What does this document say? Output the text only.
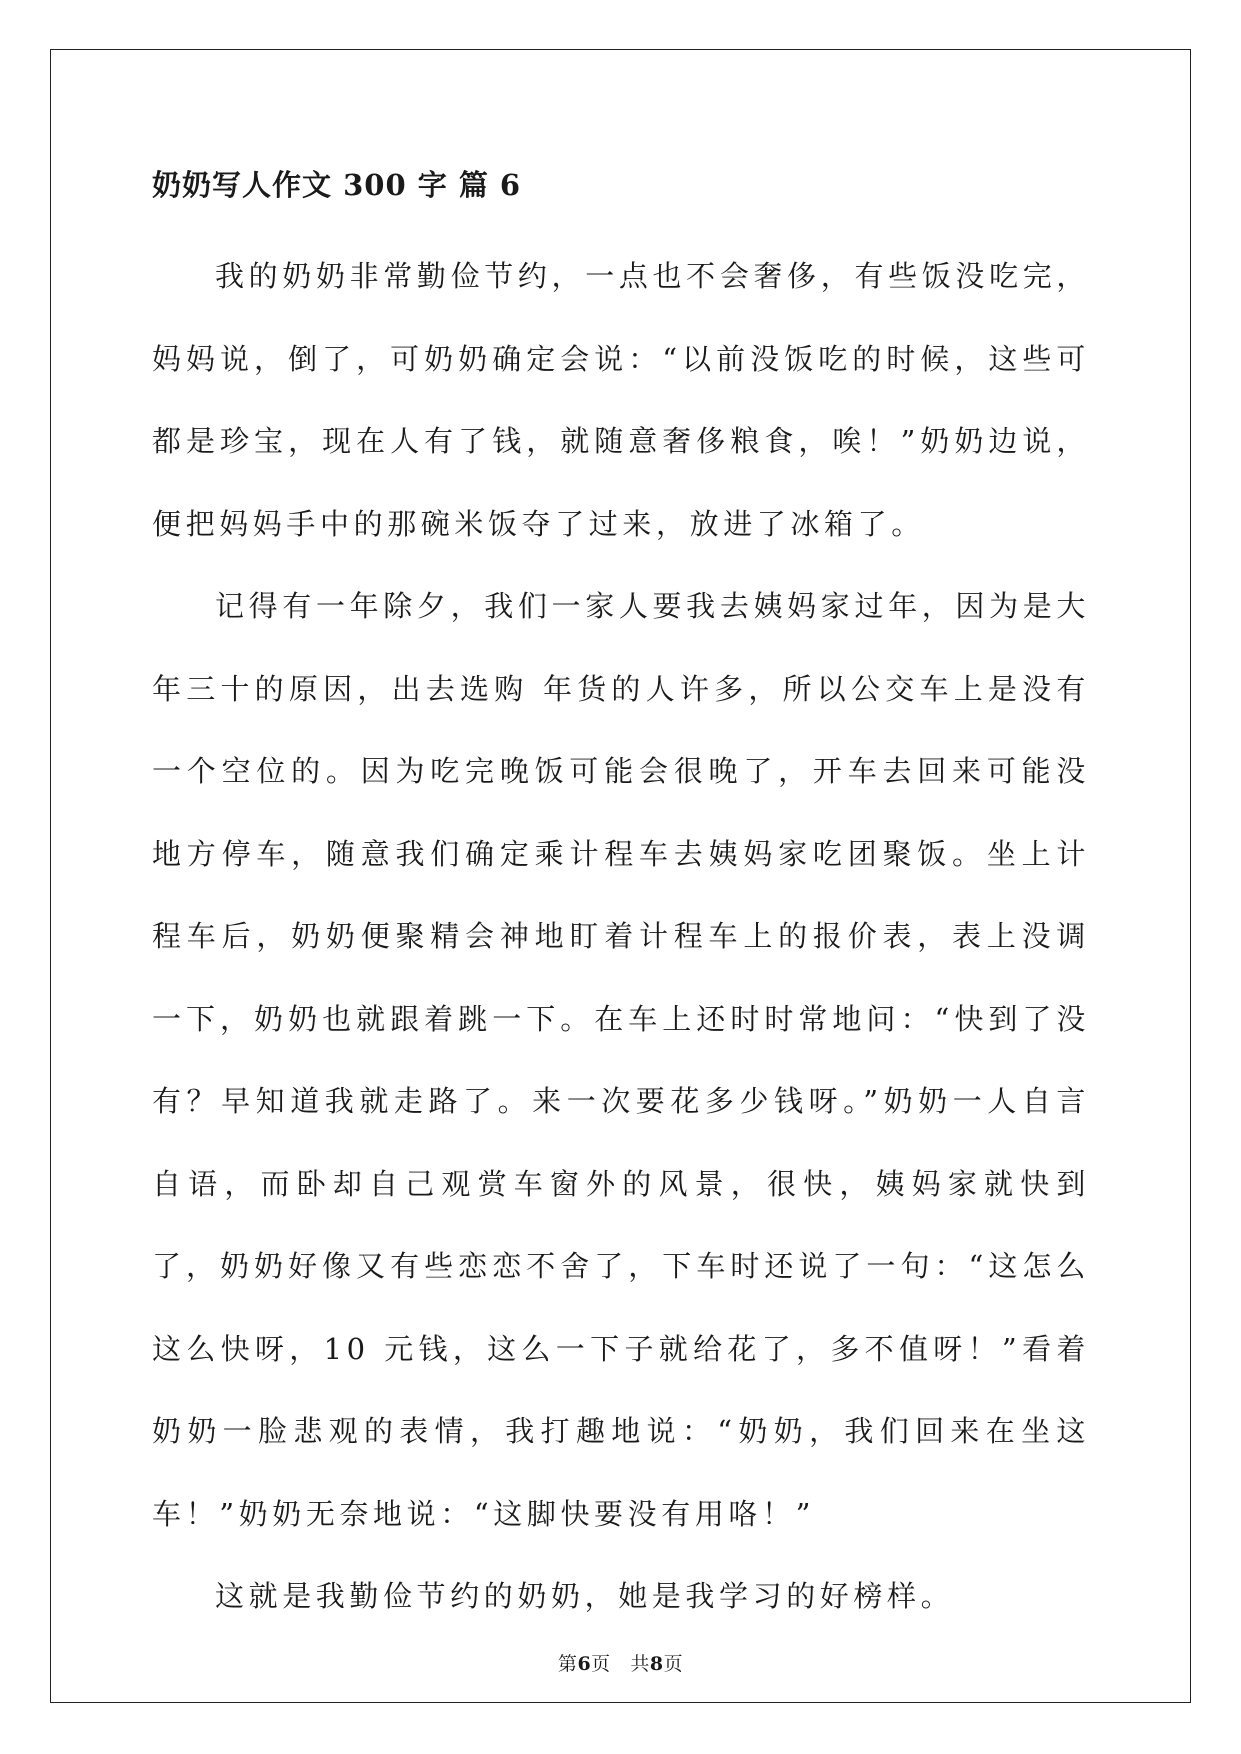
奶奶写人作文 300 字 篇 6

我的奶奶非常勤俭节约，一点也不会奢侈，有些饭没吃完，妈妈说，倒了，可奶奶确定会说：“以前没饭吃的时候，这些可都是珍宝，现在人有了钱，就随意奢侈粮食，唉！”奶奶边说，便把妈妈手中的那碗米饭夺了过来，放进了冰箱了。

记得有一年除夕，我们一家人要我去姨妈家过年，因为是大年三十的原因，出去选购 年货的人许多，所以公交车上是没有一个空位的。因为吃完晚饭可能会很晚了，开车去回来可能没地方停车，随意我们确定乘计程车去姨妈家吃团聚饭。坐上计程车后，奶奶便聚精会神地盯着计程车上的报价表，表上没调一下，奶奶也就跟着跳一下。在车上还时时常地问：“快到了没有？早知道我就走路了。来一次要花多少钱呀。”奶奶一人自言自语，而卧却自己观赏车窗外的风景，很快，姨妈家就快到了，奶奶好像又有些恋恋不舍了，下车时还说了一句：“这怎么这么快呀，10 元钱，这么一下子就给花了，多不值呀！”看着奶奶一脸悲观的表情，我打趣地说：“奶奶，我们回来在坐这车！”奶奶无奈地说：“这脚快要没有用咯！”

这就是我勤俭节约的奶奶，她是我学习的好榜样。

第6页 共8页
